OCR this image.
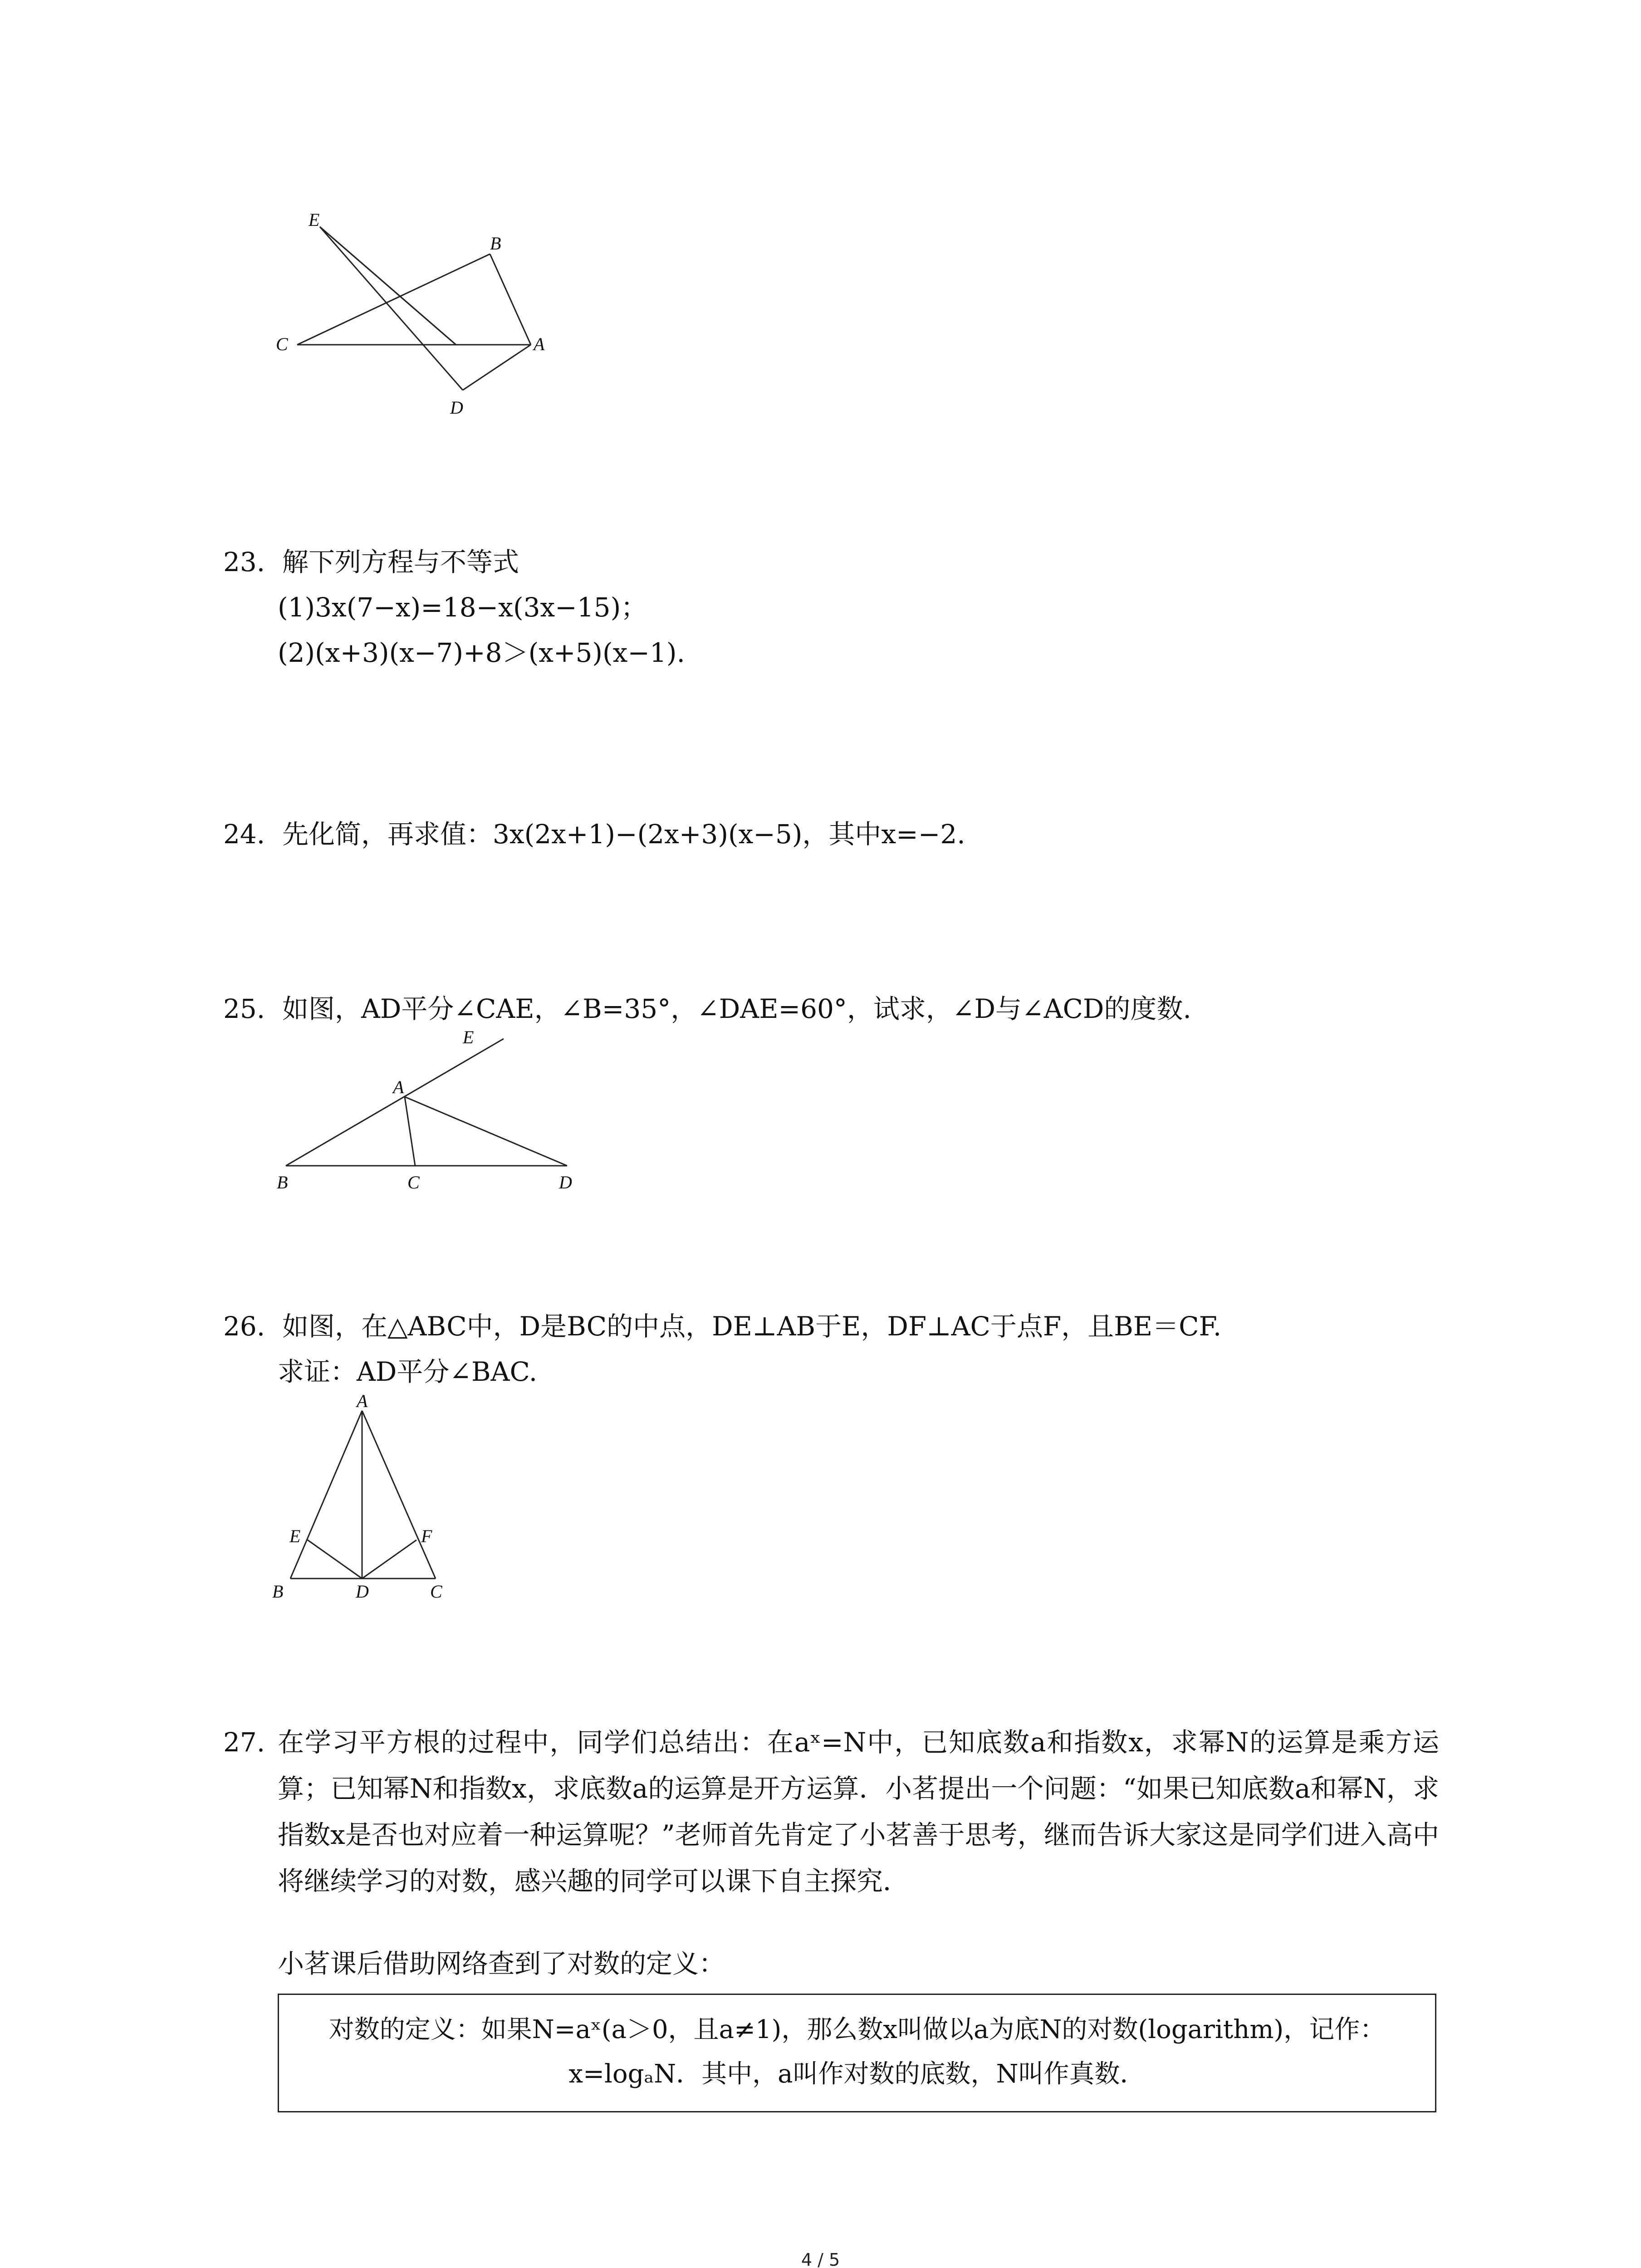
E
B
C	A
D
23. 解下列方程与不等式
(1)3x(7−x)=18−x(3x−15)；
(2)(x+3)(x−7)+8＞(x+5)(x−1).
24. 先化简，再求值：3x(2x+1)−(2x+3)(x−5)，其中x=−2.
25. 如图，AD平分∠CAE，∠B=35°，∠DAE=60°，试求，∠D与∠ACD的度数.
E
A
B	C	D
26. 如图，在△ABC中，D是BC的中点，DE⊥AB于E，DF⊥AC于点F，且BE＝CF.
求证：AD平分∠BAC.
A
E	F
B	D	C
27. 在学习平方根的过程中，同学们总结出：在aˣ=N中，已知底数a和指数x，求幂N的运算是乘方运算；已知幂N和指数x，求底数a的运算是开方运算．小茗提出一个问题：“如果已知底数a和幂N，求指数x是否也对应着一种运算呢？”老师首先肯定了小茗善于思考，继而告诉大家这是同学们进入高中将继续学习的对数，感兴趣的同学可以课下自主探究．
小茗课后借助网络查到了对数的定义：
对数的定义：如果N=aˣ(a＞0，且a≠1)，那么数x叫做以a为底N的对数(logarithm)，记作：x=logₐN．其中，a叫作对数的底数，N叫作真数．
4 / 5
